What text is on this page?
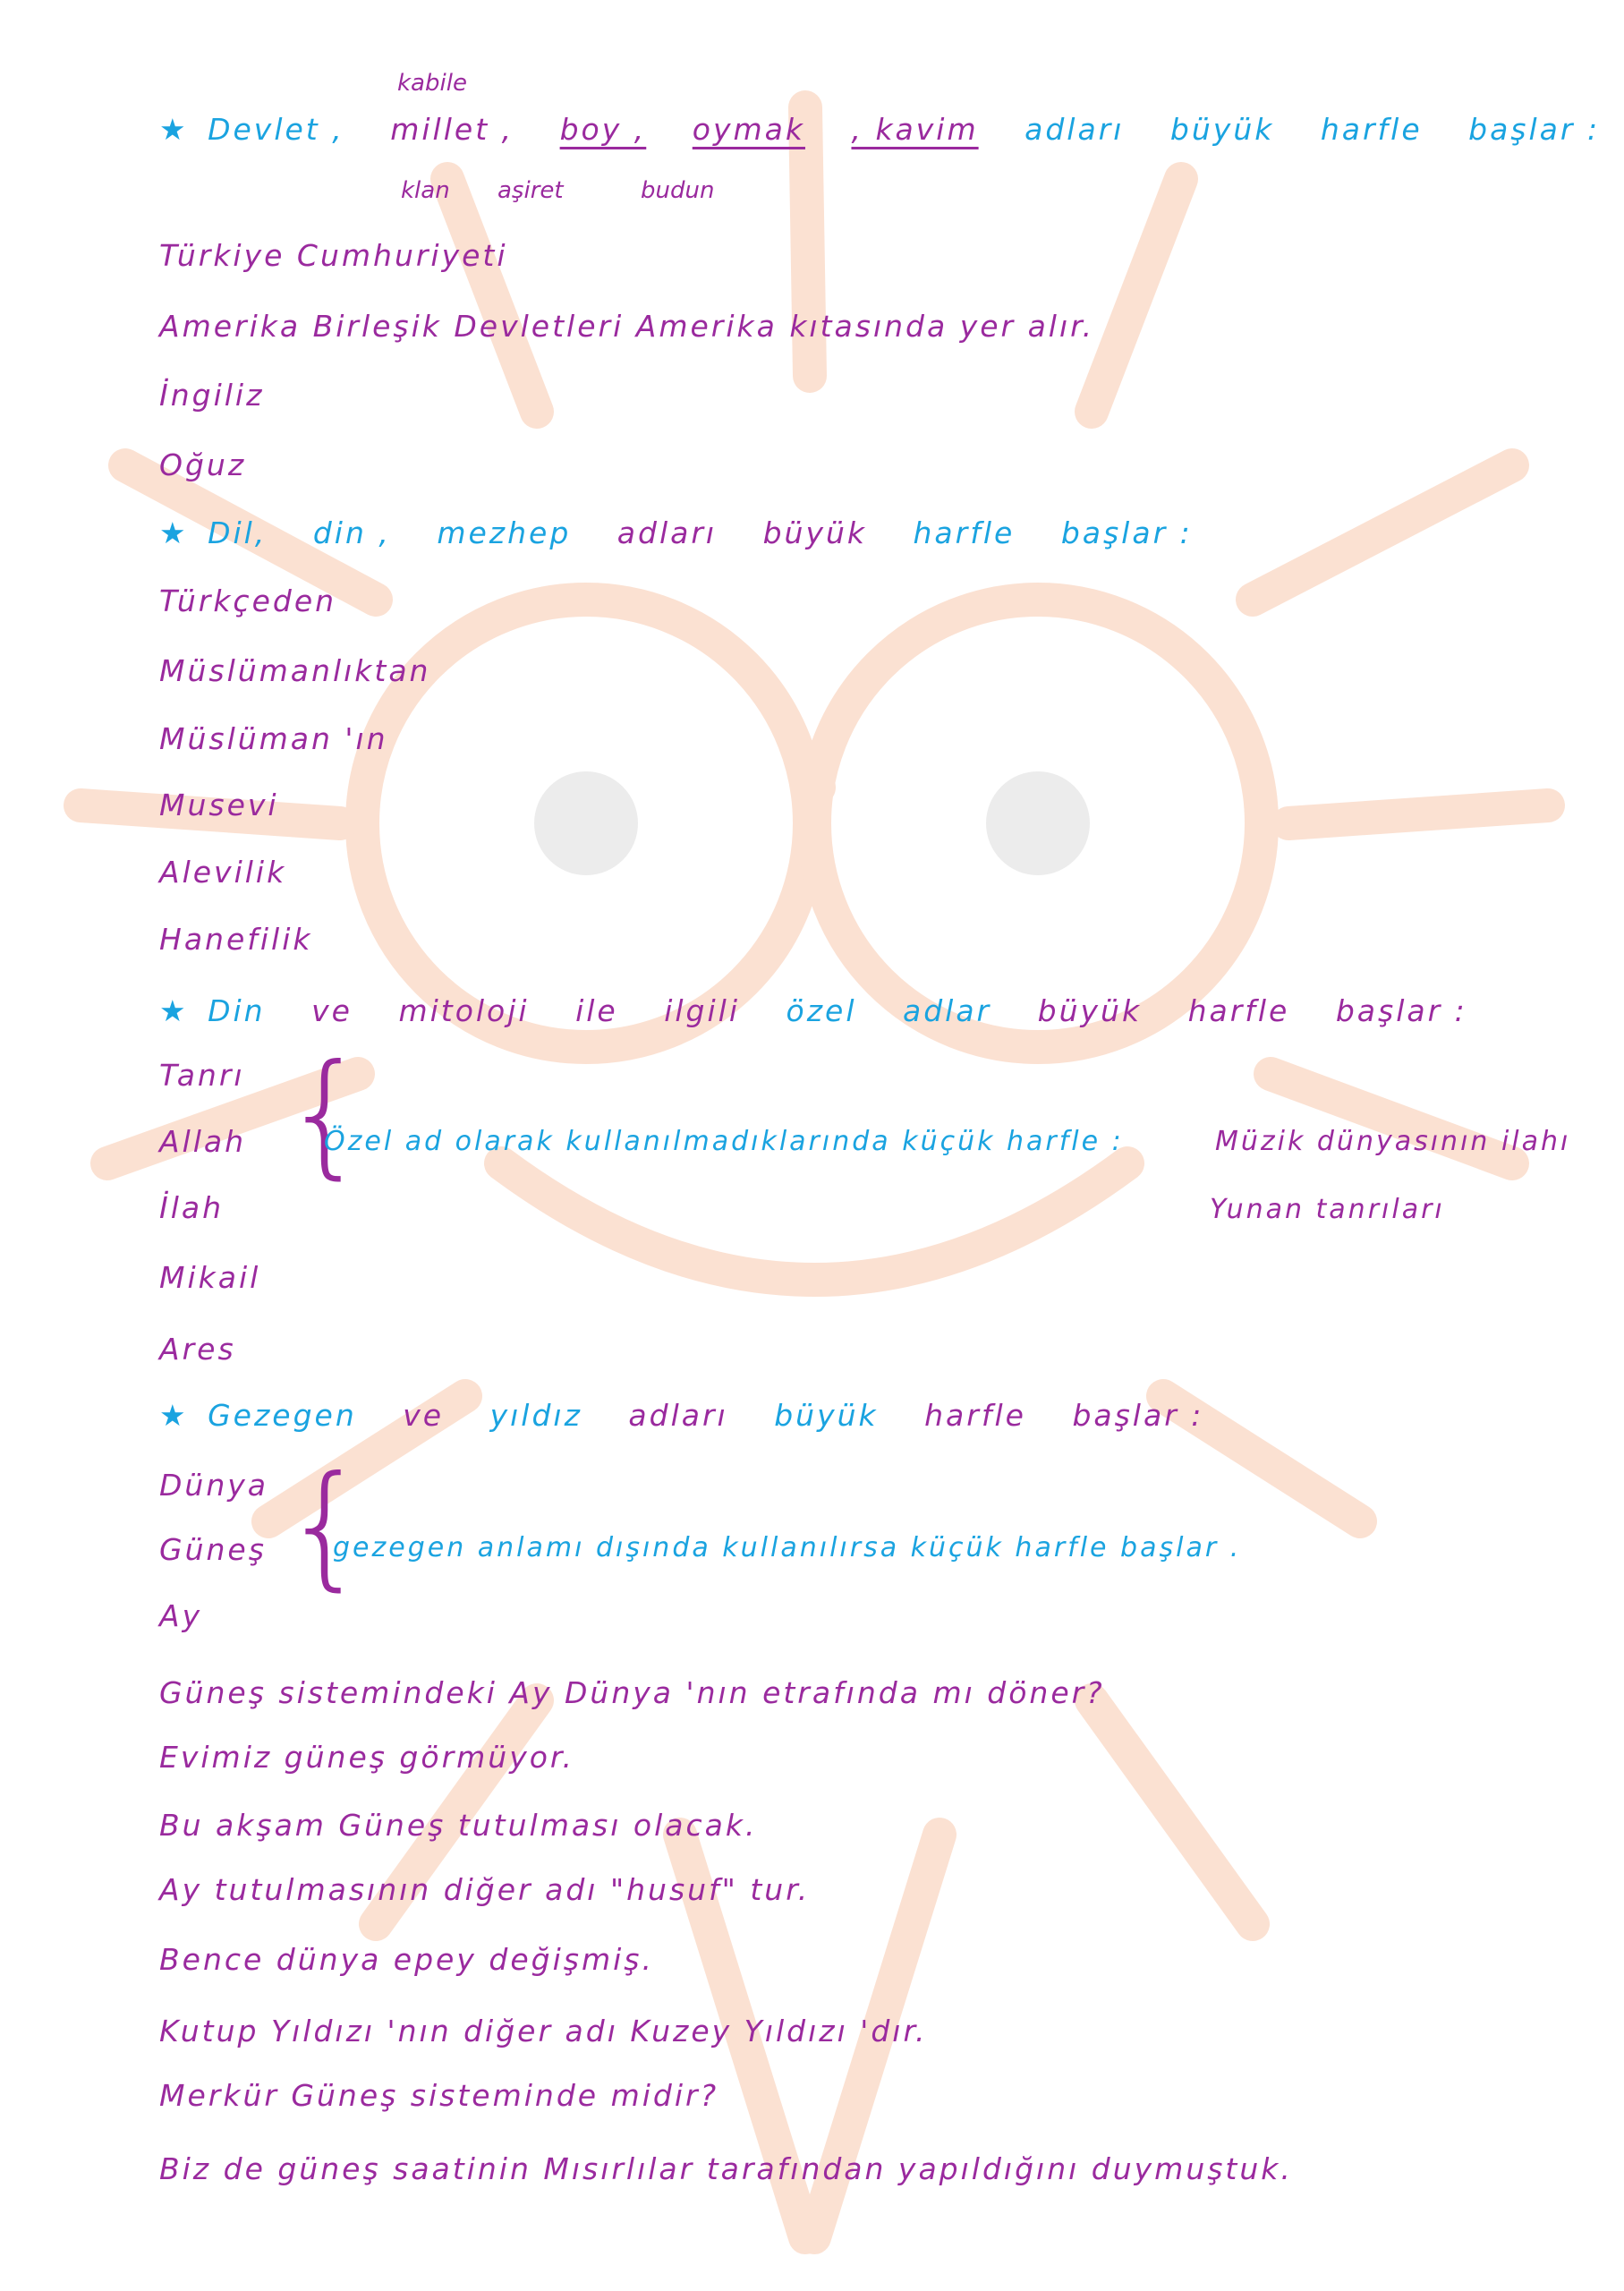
kabile
★ Devlet , millet , boy , oymak , kavim adları büyük harfle başlar :
klan aşiret	budun
Türkiye Cumhuriyeti
Amerika Birleşik Devletleri Amerika kıtasında yer alır.
İngiliz
Oğuz
★ Dil, din , mezhep adları büyük harfle başlar :
Türkçeden
Müslümanlıktan
Müslüman 'ın
Musevi
Alevilik
Hanefilik
★ Din ve mitoloji ile ilgili özel adlar büyük harfle başlar :
Tanrı
Allah
İlah
{
Özel ad olarak kullanılmadıklarında küçük harfle :	Müzik dünyasının ilahı
Yunan tanrıları
Mikail
Ares
★ Gezegen ve yıldız adları büyük harfle başlar :
Dünya
Güneş
Ay
{
gezegen anlamı dışında kullanılırsa küçük harfle başlar .
Güneş sistemindeki Ay Dünya 'nın etrafında mı döner?
Evimiz güneş görmüyor.
Bu akşam Güneş tutulması olacak.
Ay tutulmasının diğer adı "husuf" tur.
Bence dünya epey değişmiş.
Kutup Yıldızı 'nın diğer adı Kuzey Yıldızı 'dır.
Merkür Güneş sisteminde midir?
Biz de güneş saatinin Mısırlılar tarafından yapıldığını duymuştuk.
